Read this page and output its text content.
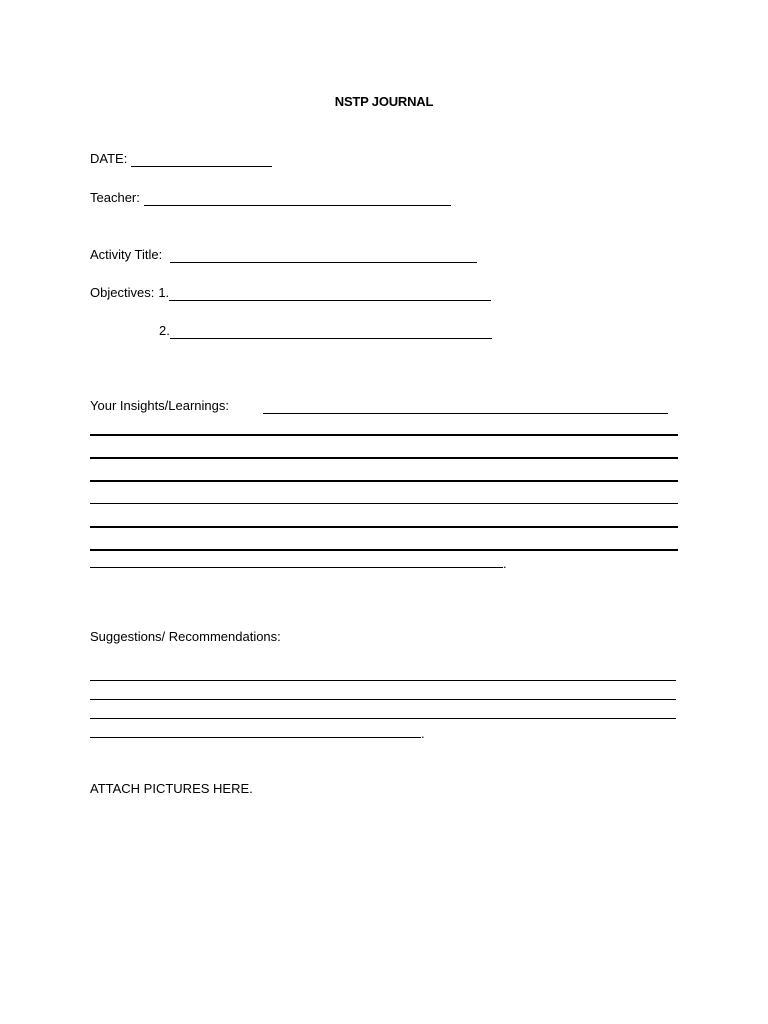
NSTP JOURNAL
DATE:
Teacher:
Activity Title:
Objectives: 1.
2.
Your Insights/Learnings:
.
Suggestions/ Recommendations:
.
ATTACH PICTURES HERE.
